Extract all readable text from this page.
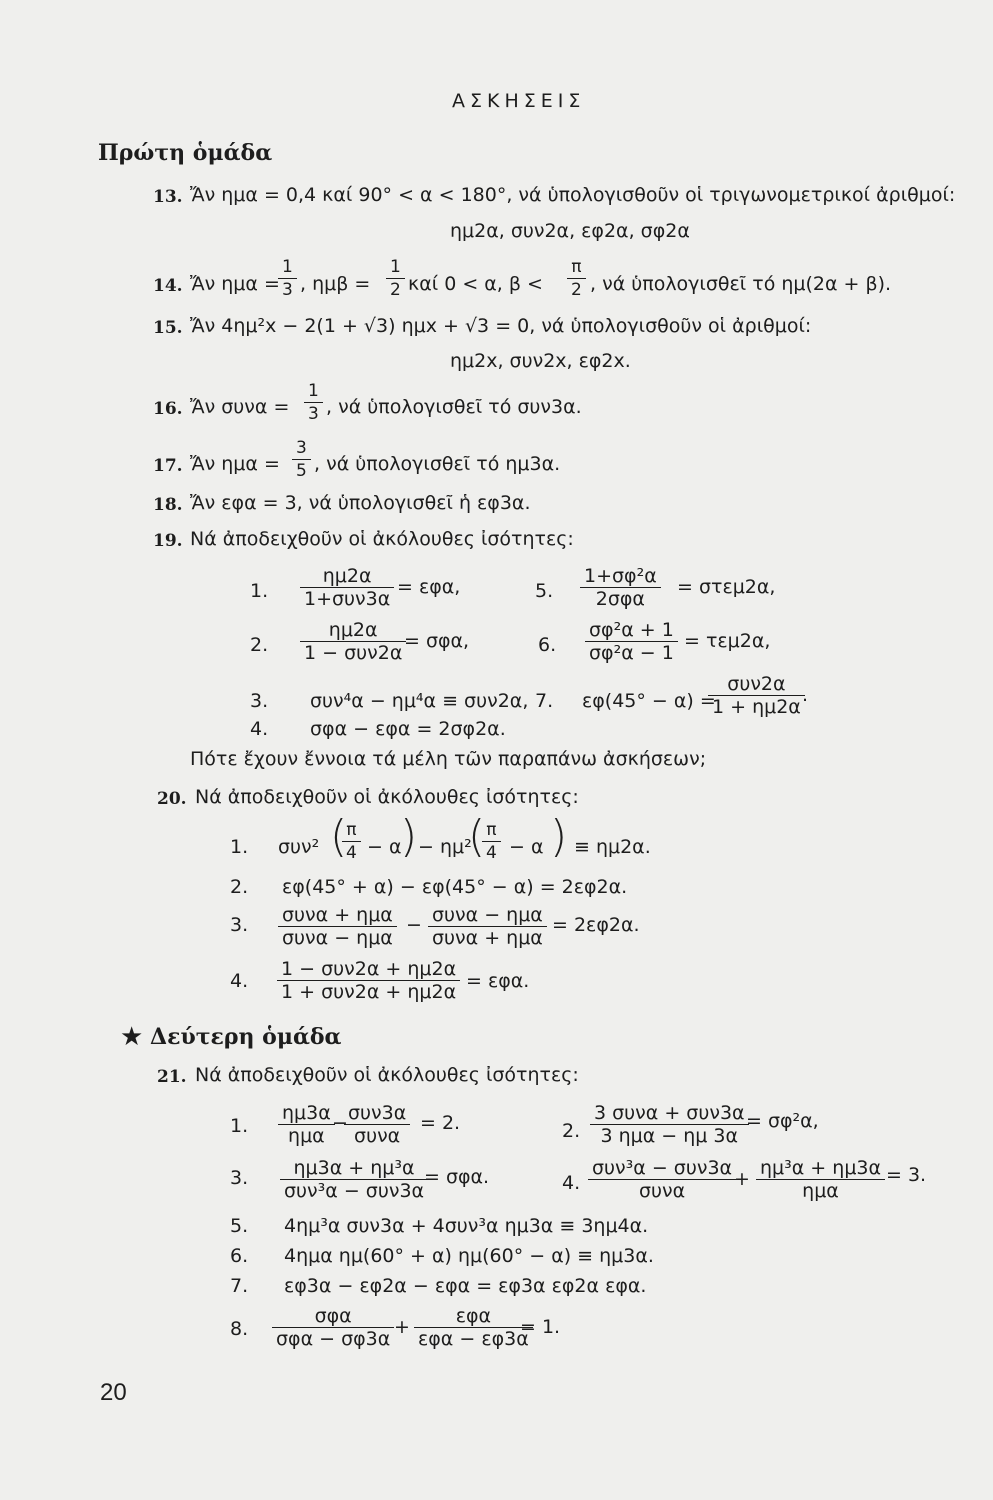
ΑΣΚΗΣΕΙΣ
Πρώτη ὁμάδα
13. Ἄν ημα = 0,4 καί 90° < α < 180°, νά ὑπολογισθοῦν οἱ τριγωνομετρικοί ἀριθμοί:
ημ2α, συν2α, εφ2α, σφ2α
14. Ἄν ημα =
$\frac{1}{3}$ , $\eta\mu\beta = \frac{1}{2}$ καί 0 < α, $\beta < \frac{\pi}{2}$ , νά ὑπολογισθεῖ τό ημ(2α + β).
15. Ἄν 4ημ²x − 2(1 + √3) ημx + √3 = 0, νά ὑπολογισθοῦν οἱ ἀριθμοί:
ημ2x, συν2x, εφ2x.
16. Ἄν $\sigma\upsilon\nu\alpha = \frac{1}{3}$ , νά ὑπολογισθεῖ τό συν3α.
17. Ἄν $\eta\mu\alpha = \frac{3}{5}$ , νά ὑπολογισθεῖ τό ημ3α.
18. Ἄν εφα = 3, νά ὑπολογισθεῖ ἡ εφ3α.
19. Νά ἀποδειχθοῦν οἱ ἀκόλουθες ἰσότητες:
1.
ημ2α
1+συν3α
= εφα,	5.
1+σφ²α
2σφα
= στεμ2α,
2.
ημ2α
1 − συν2α
= σφα,	6. $\frac{\text{σφ²α + 1}}{\text{σφ²α − 1}} = \tau\varepsilon\mu 2\alpha$,
3. συν⁴α − ημ⁴α ≡ συν2α, 7. εφ(45° − α) =
συν2α
1 + ημ2α
.
4. σφα − εφα = 2σφ2α.
Πότε ἔχουν ἔννοια τά μέλη τῶν παραπάνω ἀσκήσεων;
20. Νά ἀποδειχθοῦν οἱ ἀκόλουθες ἰσότητες:
1. συν² (
$\frac{\pi}{4} - \alpha$
) − ημ²
(
$\frac{\pi}{4} - \alpha$ ) ≡ ημ2α.
2. εφ(45° + α) − εφ(45° − α) = 2εφ2α.
3. συνα + ημα
συνα − ημα
− συνα − ημα
συνα + ημα
= 2εφ2α.
4.
1 − συν2α + ημ2α
1 + συν2α + ημ2α = εφα.
★ Δεύτερη ὁμάδα
21. Νά ἀποδειχθοῦν οἱ ἀκόλουθες ἰσότητες:
1.
ημ3α
ημα
− συν3α
συνα
= 2.	2.
3 συνα + συν3α
3 ημα − ημ 3α
= σφ²α,
3.	ημ3α + ημ³α
συν³α − συν3α
= σφα.	4.
συν³α − συν3α
συνα
+ ημ³α + ημ3α
ημα
= 3.
5. 4ημ³α συν3α + 4συν³α ημ3α ≡ 3ημ4α.
6. 4ημα ημ(60° + α) ημ(60° − α) ≡ ημ3α.
7. εφ3α − εφ2α − εφα = εφ3α εφ2α εφα.
8.
σφα
σφα − σφ3α
+	εφα
εφα − εφ3α
= 1.
20
